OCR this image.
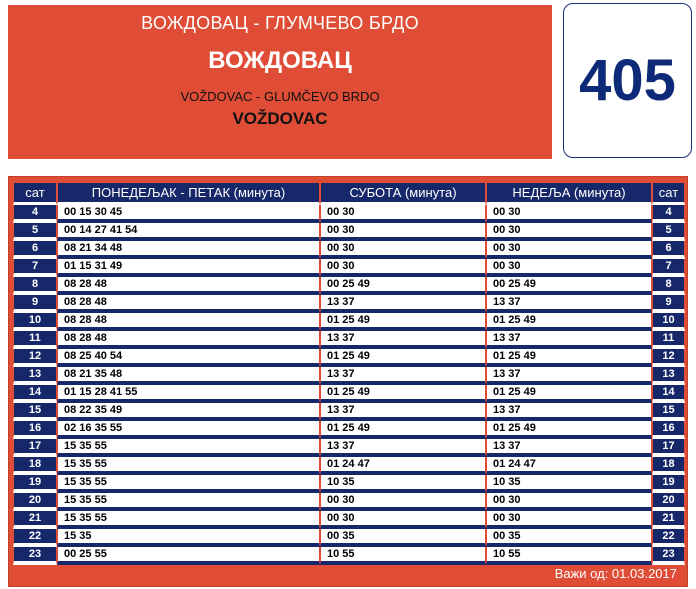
ВОЖДОВАЦ - ГЛУМЧЕВО БРДО
ВОЖДОВАЦ
VOŽDOVAC - GLUMČEVO BRDO
VOŽDOVAC
405
сат	ПОНЕДЕЉАК - ПЕТАК (минута)	СУБОТА (минута)	НЕДЕЉА (минута)	сат
4	00 15 30 45	00 30	00 30	4
5	00 14 27 41 54	00 30	00 30	5
6	08 21 34 48	00 30	00 30	6
7	01 15 31 49	00 30	00 30	7
8	08 28 48	00 25 49	00 25 49	8
9	08 28 48	13 37	13 37	9
10	08 28 48	01 25 49	01 25 49	10
11	08 28 48	13 37	13 37	11
12	08 25 40 54	01 25 49	01 25 49	12
13	08 21 35 48	13 37	13 37	13
14	01 15 28 41 55	01 25 49	01 25 49	14
15	08 22 35 49	13 37	13 37	15
16	02 16 35 55	01 25 49	01 25 49	16
17	15 35 55	13 37	13 37	17
18	15 35 55	01 24 47	01 24 47	18
19	15 35 55	10 35	10 35	19
20	15 35 55	00 30	00 30	20
21	15 35 55	00 30	00 30	21
22	15 35	00 35	00 35	22
23	00 25 55	10 55	10 55	23
Важи од: 01.03.2017
